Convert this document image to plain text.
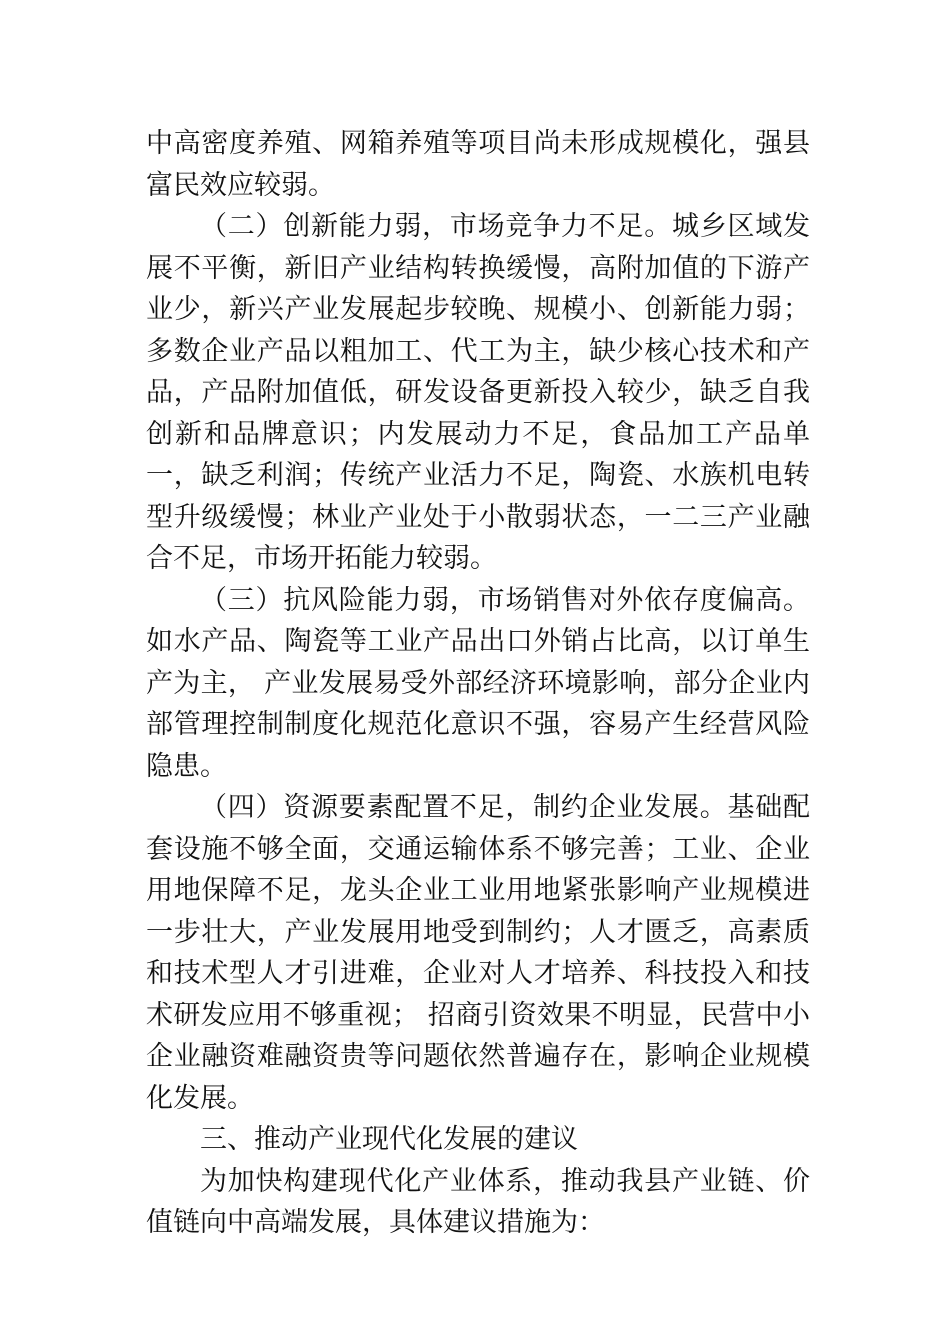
中高密度养殖、网箱养殖等项目尚未形成规模化，强县富民效应较弱。

（二）创新能力弱，市场竞争力不足。城乡区域发展不平衡，新旧产业结构转换缓慢，高附加值的下游产业少，新兴产业发展起步较晚、规模小、创新能力弱；多数企业产品以粗加工、代工为主，缺少核心技术和产品，产品附加值低，研发设备更新投入较少，缺乏自我创新和品牌意识；内发展动力不足，食品加工产品单一，缺乏利润；传统产业活力不足，陶瓷、水族机电转型升级缓慢；林业产业处于小散弱状态，一二三产业融合不足，市场开拓能力较弱。

（三）抗风险能力弱，市场销售对外依存度偏高。如水产品、陶瓷等工业产品出口外销占比高，以订单生产为主， 产业发展易受外部经济环境影响，部分企业内部管理控制制度化规范化意识不强，容易产生经营风险隐患。

（四）资源要素配置不足，制约企业发展。基础配套设施不够全面，交通运输体系不够完善；工业、企业用地保障不足，龙头企业工业用地紧张影响产业规模进一步壮大，产业发展用地受到制约；人才匮乏，高素质和技术型人才引进难，企业对人才培养、科技投入和技术研发应用不够重视； 招商引资效果不明显，民营中小企业融资难融资贵等问题依然普遍存在，影响企业规模化发展。

三、推动产业现代化发展的建议

为加快构建现代化产业体系，推动我县产业链、价值链向中高端发展，具体建议措施为：
